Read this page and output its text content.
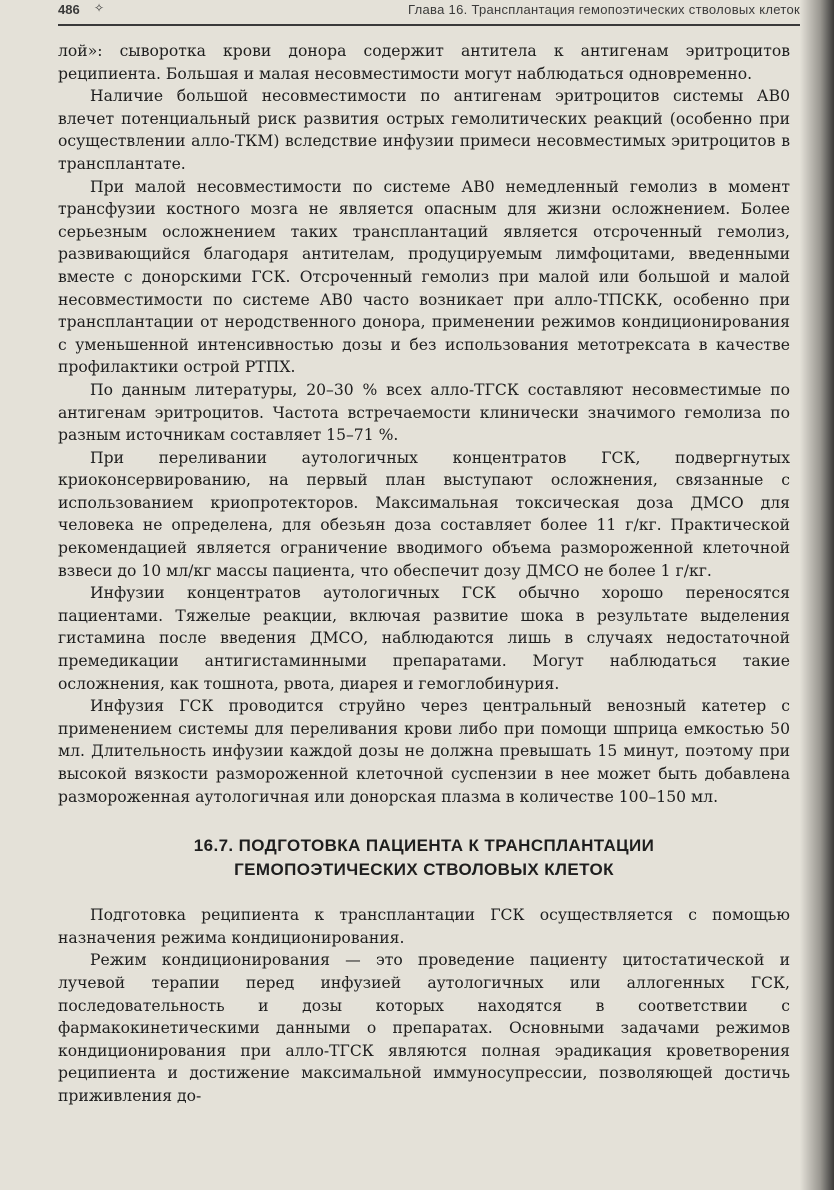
486 ✧	Глава 16. Трансплантация гемопоэтических стволовых клеток

лой»: сыворотка крови донора содержит антитела к антигенам эритроцитов реципиента. Большая и малая несовместимости могут наблюдаться одновременно.

Наличие большой несовместимости по антигенам эритроцитов системы АВ0 влечет потенциальный риск развития острых гемолитических реакций (особенно при осуществлении алло-ТКМ) вследствие инфузии примеси несовместимых эритроцитов в трансплантате.

При малой несовместимости по системе АВ0 немедленный гемолиз в момент трансфузии костного мозга не является опасным для жизни осложнением. Более серьезным осложнением таких трансплантаций является отсроченный гемолиз, развивающийся благодаря антителам, продуцируемым лимфоцитами, введенными вместе с донорскими ГСК. Отсроченный гемолиз при малой или большой и малой несовместимости по системе АВ0 часто возникает при алло-ТПСКК, особенно при трансплантации от неродственного донора, применении режимов кондиционирования с уменьшенной интенсивностью дозы и без использования метотрексата в качестве профилактики острой РТПХ.

По данным литературы, 20–30 % всех алло-ТГСК составляют несовместимые по антигенам эритроцитов. Частота встречаемости клинически значимого гемолиза по разным источникам составляет 15–71 %.

При переливании аутологичных концентратов ГСК, подвергнутых криоконсервированию, на первый план выступают осложнения, связанные с использованием криопротекторов. Максимальная токсическая доза ДМСО для человека не определена, для обезьян доза составляет более 11 г/кг. Практической рекомендацией является ограничение вводимого объема размороженной клеточной взвеси до 10 мл/кг массы пациента, что обеспечит дозу ДМСО не более 1 г/кг.

Инфузии концентратов аутологичных ГСК обычно хорошо переносятся пациентами. Тяжелые реакции, включая развитие шока в результате выделения гистамина после введения ДМСО, наблюдаются лишь в случаях недостаточной премедикации антигистаминными препаратами. Могут наблюдаться такие осложнения, как тошнота, рвота, диарея и гемоглобинурия.

Инфузия ГСК проводится струйно через центральный венозный катетер с применением системы для переливания крови либо при помощи шприца емкостью 50 мл. Длительность инфузии каждой дозы не должна превышать 15 минут, поэтому при высокой вязкости размороженной клеточной суспензии в нее может быть добавлена размороженная аутологичная или донорская плазма в количестве 100–150 мл.

16.7. ПОДГОТОВКА ПАЦИЕНТА К ТРАНСПЛАНТАЦИИ
ГЕМОПОЭТИЧЕСКИХ СТВОЛОВЫХ КЛЕТОК

Подготовка реципиента к трансплантации ГСК осуществляется с помощью назначения режима кондиционирования.

Режим кондиционирования — это проведение пациенту цитостатической и лучевой терапии перед инфузией аутологичных или аллогенных ГСК, последовательность и дозы которых находятся в соответствии с фармакокинетическими данными о препаратах. Основными задачами режимов кондиционирования при алло-ТГСК являются полная эрадикация кроветворения реципиента и достижение максимальной иммуносупрессии, позволяющей достичь приживления до-
